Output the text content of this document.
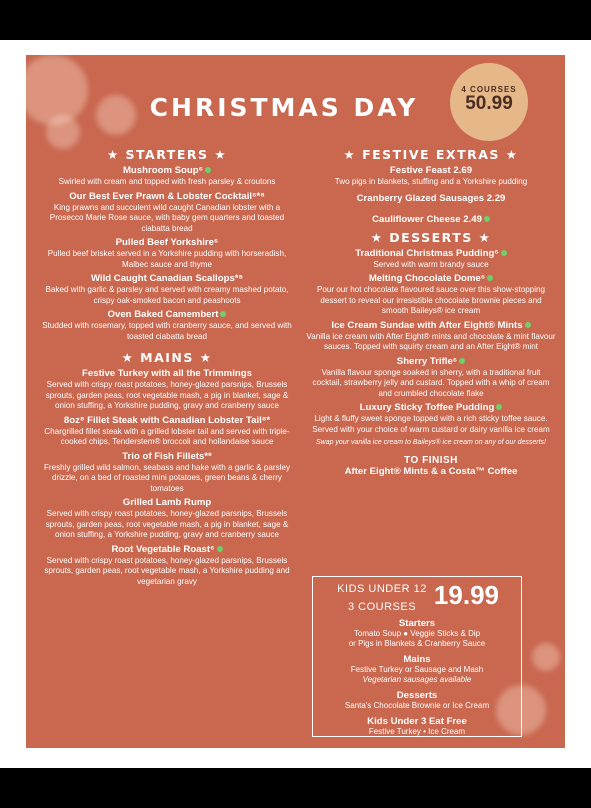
CHRISTMAS DAY
4 COURSES
50.99
★ STARTERS ★
Mushroom Soup⁶
Swirled with cream and topped with fresh parsley & croutons
Our Best Ever Prawn & Lobster Cocktail⁶*⁸
King prawns and succulent wild caught Canadian lobster with a Prosecco Marie Rose sauce, with baby gem quarters and toasted ciabatta bread
Pulled Beef Yorkshire⁶
Pulled beef brisket served in a Yorkshire pudding with horseradish, Malbec sauce and thyme
Wild Caught Canadian Scallops*⁸
Baked with garlic & parsley and served with creamy mashed potato, crispy oak-smoked bacon and peashoots
Oven Baked Camembert
Studded with rosemary, topped with cranberry sauce, and served with toasted ciabatta bread
★ MAINS ★
Festive Turkey with all the Trimmings
Served with crispy roast potatoes, honey-glazed parsnips, Brussels sprouts, garden peas, root vegetable mash, a pig in blanket, sage & onion stuffing, a Yorkshire pudding, gravy and cranberry sauce
8oz⁸ Fillet Steak with Canadian Lobster Tail⁸*
Chargrilled fillet steak with a grilled lobster tail and served with triple-cooked chips, Tenderstem® broccoli and hollandaise sauce
Trio of Fish Fillets**
Freshly grilled wild salmon, seabass and hake with a garlic & parsley drizzle, on a bed of roasted mini potatoes, green beans & cherry tomatoes
Grilled Lamb Rump
Served with crispy roast potatoes, honey-glazed parsnips, Brussels sprouts, garden peas, root vegetable mash, a pig in blanket, sage & onion stuffing, a Yorkshire pudding, gravy and cranberry sauce
Root Vegetable Roast⁶
Served with crispy roast potatoes, honey-glazed parsnips, Brussels sprouts, garden peas, root vegetable mash, a Yorkshire pudding and vegetarian gravy
★ FESTIVE EXTRAS ★
Festive Feast 2.69
Two pigs in blankets, stuffing and a Yorkshire pudding
Cranberry Glazed Sausages 2.29
Cauliflower Cheese 2.49
★ DESSERTS ★
Traditional Christmas Pudding⁶
Served with warm brandy sauce
Melting Chocolate Dome⁶
Pour our hot chocolate flavoured sauce over this show-stopping dessert to reveal our irresistible chocolate brownie pieces and smooth Baileys® ice cream
Ice Cream Sundae with After Eight® Mints
Vanilla ice cream with After Eight® mints and chocolate & mint flavour sauces. Topped with squirty cream and an After Eight® mint
Sherry Trifle⁶
Vanilla flavour sponge soaked in sherry, with a traditional fruit cocktail, strawberry jelly and custard. Topped with a whip of cream and crumbled chocolate flake
Luxury Sticky Toffee Pudding
Light & fluffy sweet sponge topped with a rich sticky toffee sauce. Served with your choice of warm custard or dairy vanilla ice cream
Swap your vanilla ice cream to Baileys® ice cream on any of our desserts!
TO FINISH
After Eight® Mints & a Costa™ Coffee
KIDS UNDER 12
3 COURSES 19.99
Starters
Tomato Soup ● Veggie Sticks & Dip
or Pigs in Blankets & Cranberry Sauce
Mains
Festive Turkey or Sausage and Mash
Vegetarian sausages available
Desserts
Santa's Chocolate Brownie or Ice Cream
Kids Under 3 Eat Free
Festive Turkey • Ice Cream
